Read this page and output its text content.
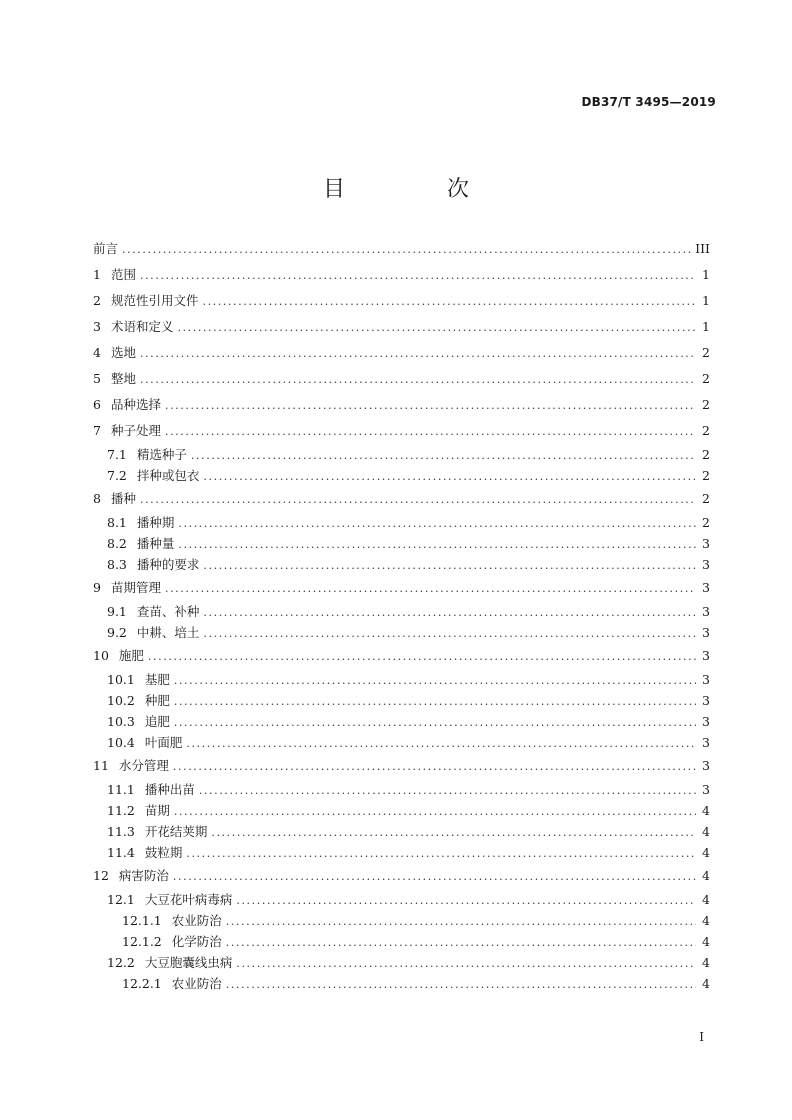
DB37/T 3495—2019
目　次
前言 .....	III
1 范围 .....	1
2 规范性引用文件 .....	1
3 术语和定义 .....	1
4 选地 .....	2
5 整地 .....	2
6 品种选择 .....	2
7 种子处理 .....	2
7.1 精选种子 .....	2
7.2 拌种或包衣 .....	2
8 播种 .....	2
8.1 播种期 .....	2
8.2 播种量 .....	3
8.3 播种的要求 .....	3
9 苗期管理 .....	3
9.1 查苗、补种 .....	3
9.2 中耕、培土 .....	3
10 施肥 .....	3
10.1 基肥 .....	3
10.2 种肥 .....	3
10.3 追肥 .....	3
10.4 叶面肥 .....	3
11 水分管理 .....	3
11.1 播种出苗 .....	3
11.2 苗期 .....	4
11.3 开花结荚期 .....	4
11.4 鼓粒期 .....	4
12 病害防治 .....	4
12.1 大豆花叶病毒病 .....	4
12.1.1 农业防治 .....	4
12.1.2 化学防治 .....	4
12.2 大豆胞囊线虫病 .....	4
12.2.1 农业防治 .....	4
I
